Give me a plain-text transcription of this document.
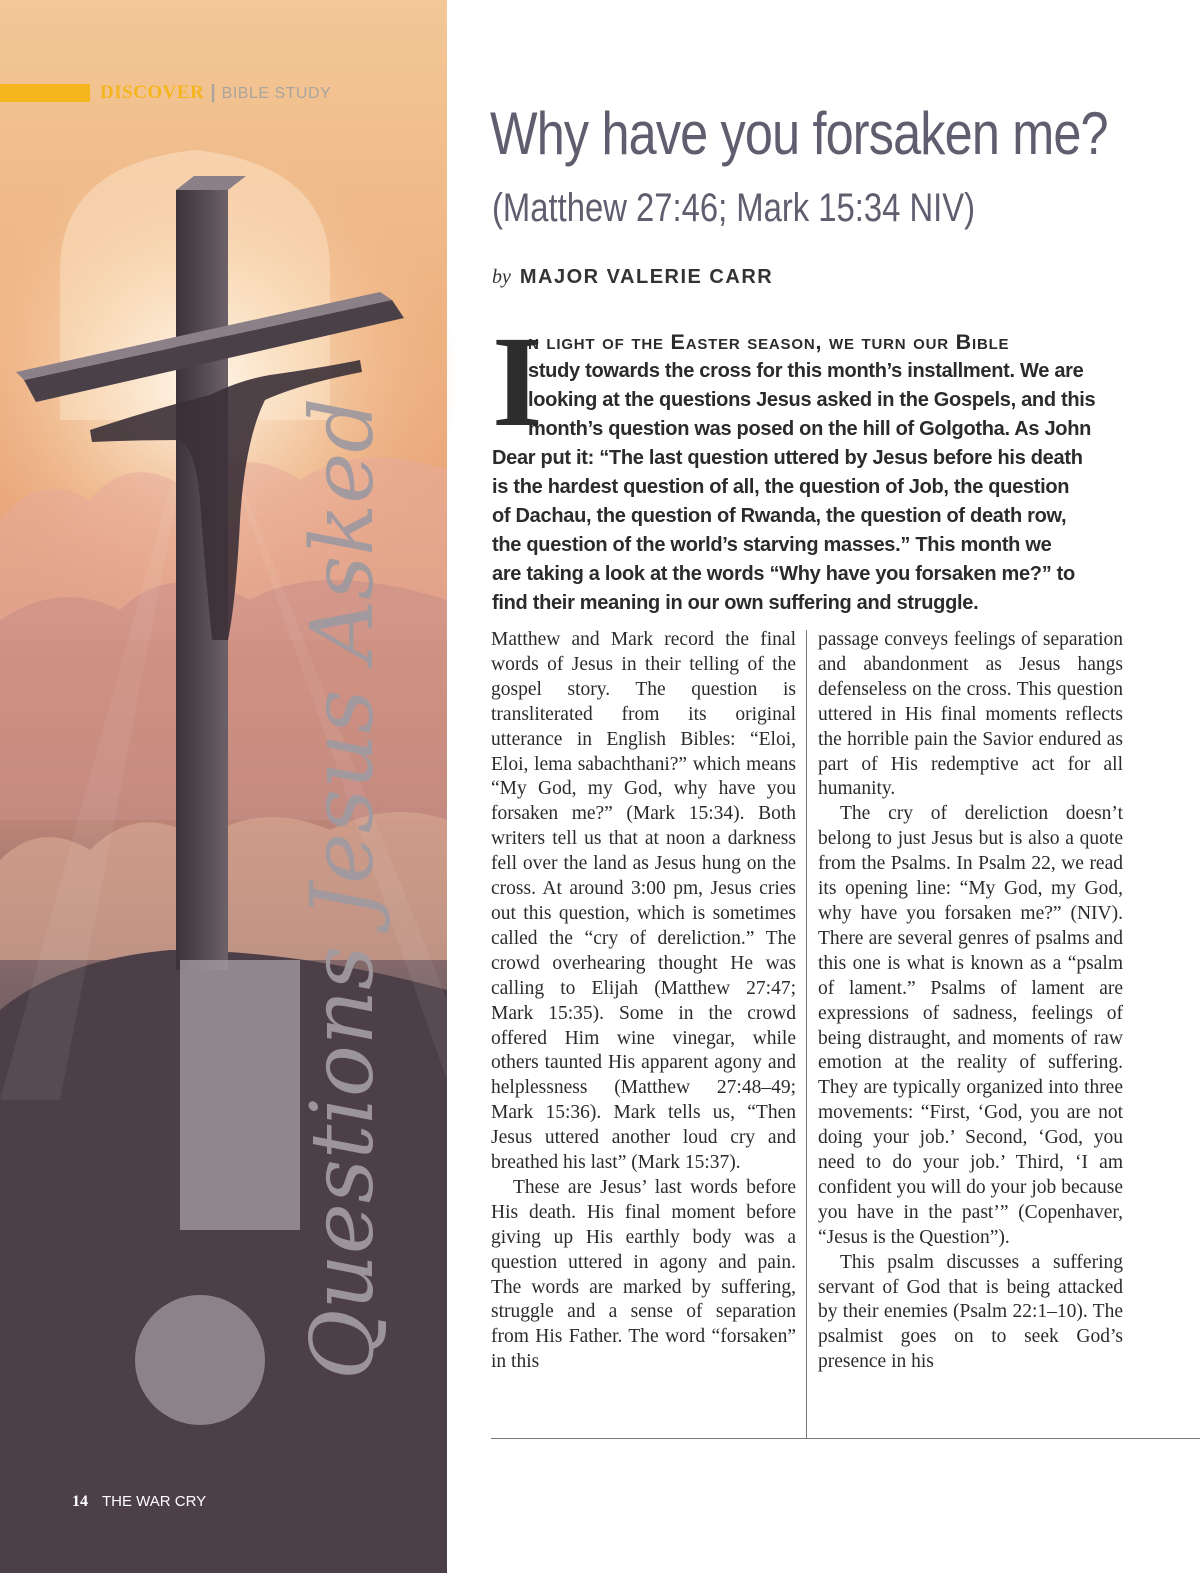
Questions Jesus Asked
DISCOVER | BIBLE STUDY
14 THE WAR CRY
Why have you forsaken me?
(Matthew 27:46; Mark 15:34 NIV)
by MAJOR VALERIE CARR
I
n light of the Easter season, we turn our Bible
study towards the cross for this month’s installment. We are
looking at the questions Jesus asked in the Gospels, and this
month’s question was posed on the hill of Golgotha. As John
Dear put it: “The last question uttered by Jesus before his death
is the hardest question of all, the question of Job, the question
of Dachau, the question of Rwanda, the question of death row,
the question of the world’s starving masses.” This month we
are taking a look at the words “Why have you forsaken me?” to
find their meaning in our own suffering and struggle.

Matthew and Mark record the final words of Jesus in their telling of the gospel story. The question is transliterated from its original utterance in English Bibles: “Eloi, Eloi, lema sabachthani?” which means “My God, my God, why have you forsaken me?” (Mark 15:34). Both writers tell us that at noon a darkness fell over the land as Jesus hung on the cross. At around 3:00 pm, Jesus cries out this question, which is sometimes called the “cry of dereliction.” The crowd overhearing thought He was calling to Elijah (Matthew 27:47; Mark 15:35). Some in the crowd offered Him wine vinegar, while others taunted His apparent agony and helplessness (Matthew 27:48–49; Mark 15:36). Mark tells us, “Then Jesus uttered another loud cry and breathed his last” (Mark 15:37).

These are Jesus’ last words before His death. His final moment before giving up His earthly body was a question uttered in agony and pain. The words are marked by suffering, struggle and a sense of separation from His Father. The word “forsaken” in this

passage conveys feelings of separation and abandonment as Jesus hangs defenseless on the cross. This question uttered in His final moments reflects the horrible pain the Savior endured as part of His redemptive act for all humanity.

The cry of dereliction doesn’t belong to just Jesus but is also a quote from the Psalms. In Psalm 22, we read its opening line: “My God, my God, why have you forsaken me?” (NIV). There are several genres of psalms and this one is what is known as a “psalm of lament.” Psalms of lament are expressions of sadness, feelings of being distraught, and moments of raw emotion at the reality of suffering. They are typically organized into three movements: “First, ‘God, you are not doing your job.’ Second, ‘God, you need to do your job.’ Third, ‘I am confident you will do your job because you have in the past’” (Copenhaver, “Jesus is the Question”).

This psalm discusses a suffering servant of God that is being attacked by their enemies (Psalm 22:1–10). The psalmist goes on to seek God’s presence in his
